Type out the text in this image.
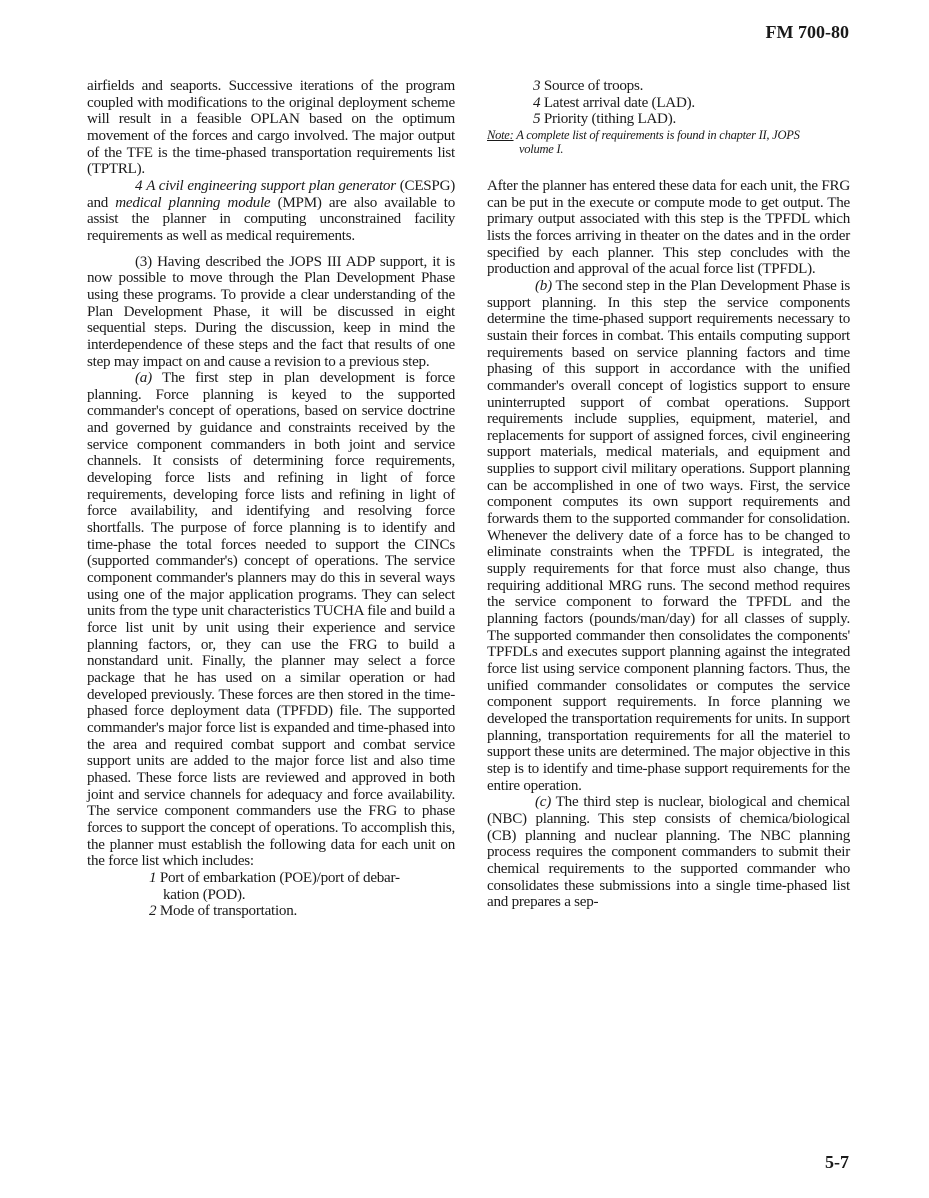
FM 700-80

airfields and seaports. Successive iterations of the program coupled with modifications to the original deployment scheme will result in a feasible OPLAN based on the optimum movement of the forces and cargo involved. The major output of the TFE is the time-phased transportation requirements list (TPTRL).

4 A civil engineering support plan generator (CESPG) and medical planning module (MPM) are also available to assist the planner in computing unconstrained facility requirements as well as medical requirements.

(3) Having described the JOPS III ADP support, it is now possible to move through the Plan Development Phase using these programs. To provide a clear understanding of the Plan Development Phase, it will be discussed in eight sequential steps. During the discussion, keep in mind the interdependence of these steps and the fact that results of one step may impact on and cause a revision to a previous step.

(a) The first step in plan development is force planning. Force planning is keyed to the supported commander's concept of operations, based on service doctrine and governed by guidance and constraints received by the service component commanders in both joint and service channels. It consists of determining force requirements, developing force lists and refining in light of force requirements, developing force lists and refining in light of force availability, and identifying and resolving force shortfalls. The purpose of force planning is to identify and time-phase the total forces needed to support the CINCs (supported commander's) concept of operations. The service component commander's planners may do this in several ways using one of the major application programs. They can select units from the type unit characteristics TUCHA file and build a force list unit by unit using their experience and service planning factors, or, they can use the FRG to build a nonstandard unit. Finally, the planner may select a force package that he has used on a similar operation or had developed previously. These forces are then stored in the time-phased force deployment data (TPFDD) file. The supported commander's major force list is expanded and time-phased into the area and required combat support and combat service support units are added to the major force list and also time phased. These force lists are reviewed and approved in both joint and service channels for adequacy and force availability. The service component commanders use the FRG to phase forces to support the concept of operations. To accomplish this, the planner must establish the following data for each unit on the force list which includes:

1 Port of embarkation (POE)/port of debar-
kation (POD).
2 Mode of transportation.
3 Source of troops.
4 Latest arrival date (LAD).
5 Priority (tithing LAD).

Note: A complete list of requirements is found in chapter II, JOPS
volume I.

After the planner has entered these data for each unit, the FRG can be put in the execute or compute mode to get output. The primary output associated with this step is the TPFDL which lists the forces arriving in theater on the dates and in the order specified by each planner. This step concludes with the production and approval of the acual force list (TPFDL).

(b) The second step in the Plan Development Phase is support planning. In this step the service components determine the time-phased support requirements necessary to sustain their forces in combat. This entails computing support requirements based on service planning factors and time phasing of this support in accordance with the unified commander's overall concept of logistics support to ensure uninterrupted support of combat operations. Support requirements include supplies, equipment, materiel, and replacements for support of assigned forces, civil engineering support materials, medical materials, and equipment and supplies to support civil military operations. Support planning can be accomplished in one of two ways. First, the service component computes its own support requirements and forwards them to the supported commander for consolidation. Whenever the delivery date of a force has to be changed to eliminate constraints when the TPFDL is integrated, the supply requirements for that force must also change, thus requiring additional MRG runs. The second method requires the service component to forward the TPFDL and the planning factors (pounds/man/day) for all classes of supply. The supported commander then consolidates the components' TPFDLs and executes support planning against the integrated force list using service component planning factors. Thus, the unified commander consolidates or computes the service component support requirements. In force planning we developed the transportation requirements for units. In support planning, transportation requirements for all the materiel to support these units are determined. The major objective in this step is to identify and time-phase support requirements for the entire operation.

(c) The third step is nuclear, biological and chemical (NBC) planning. This step consists of chemica/biological (CB) planning and nuclear planning. The NBC planning process requires the component commanders to submit their chemical requirements to the supported commander who consolidates these submissions into a single time-phased list and prepares a sep-

5-7
